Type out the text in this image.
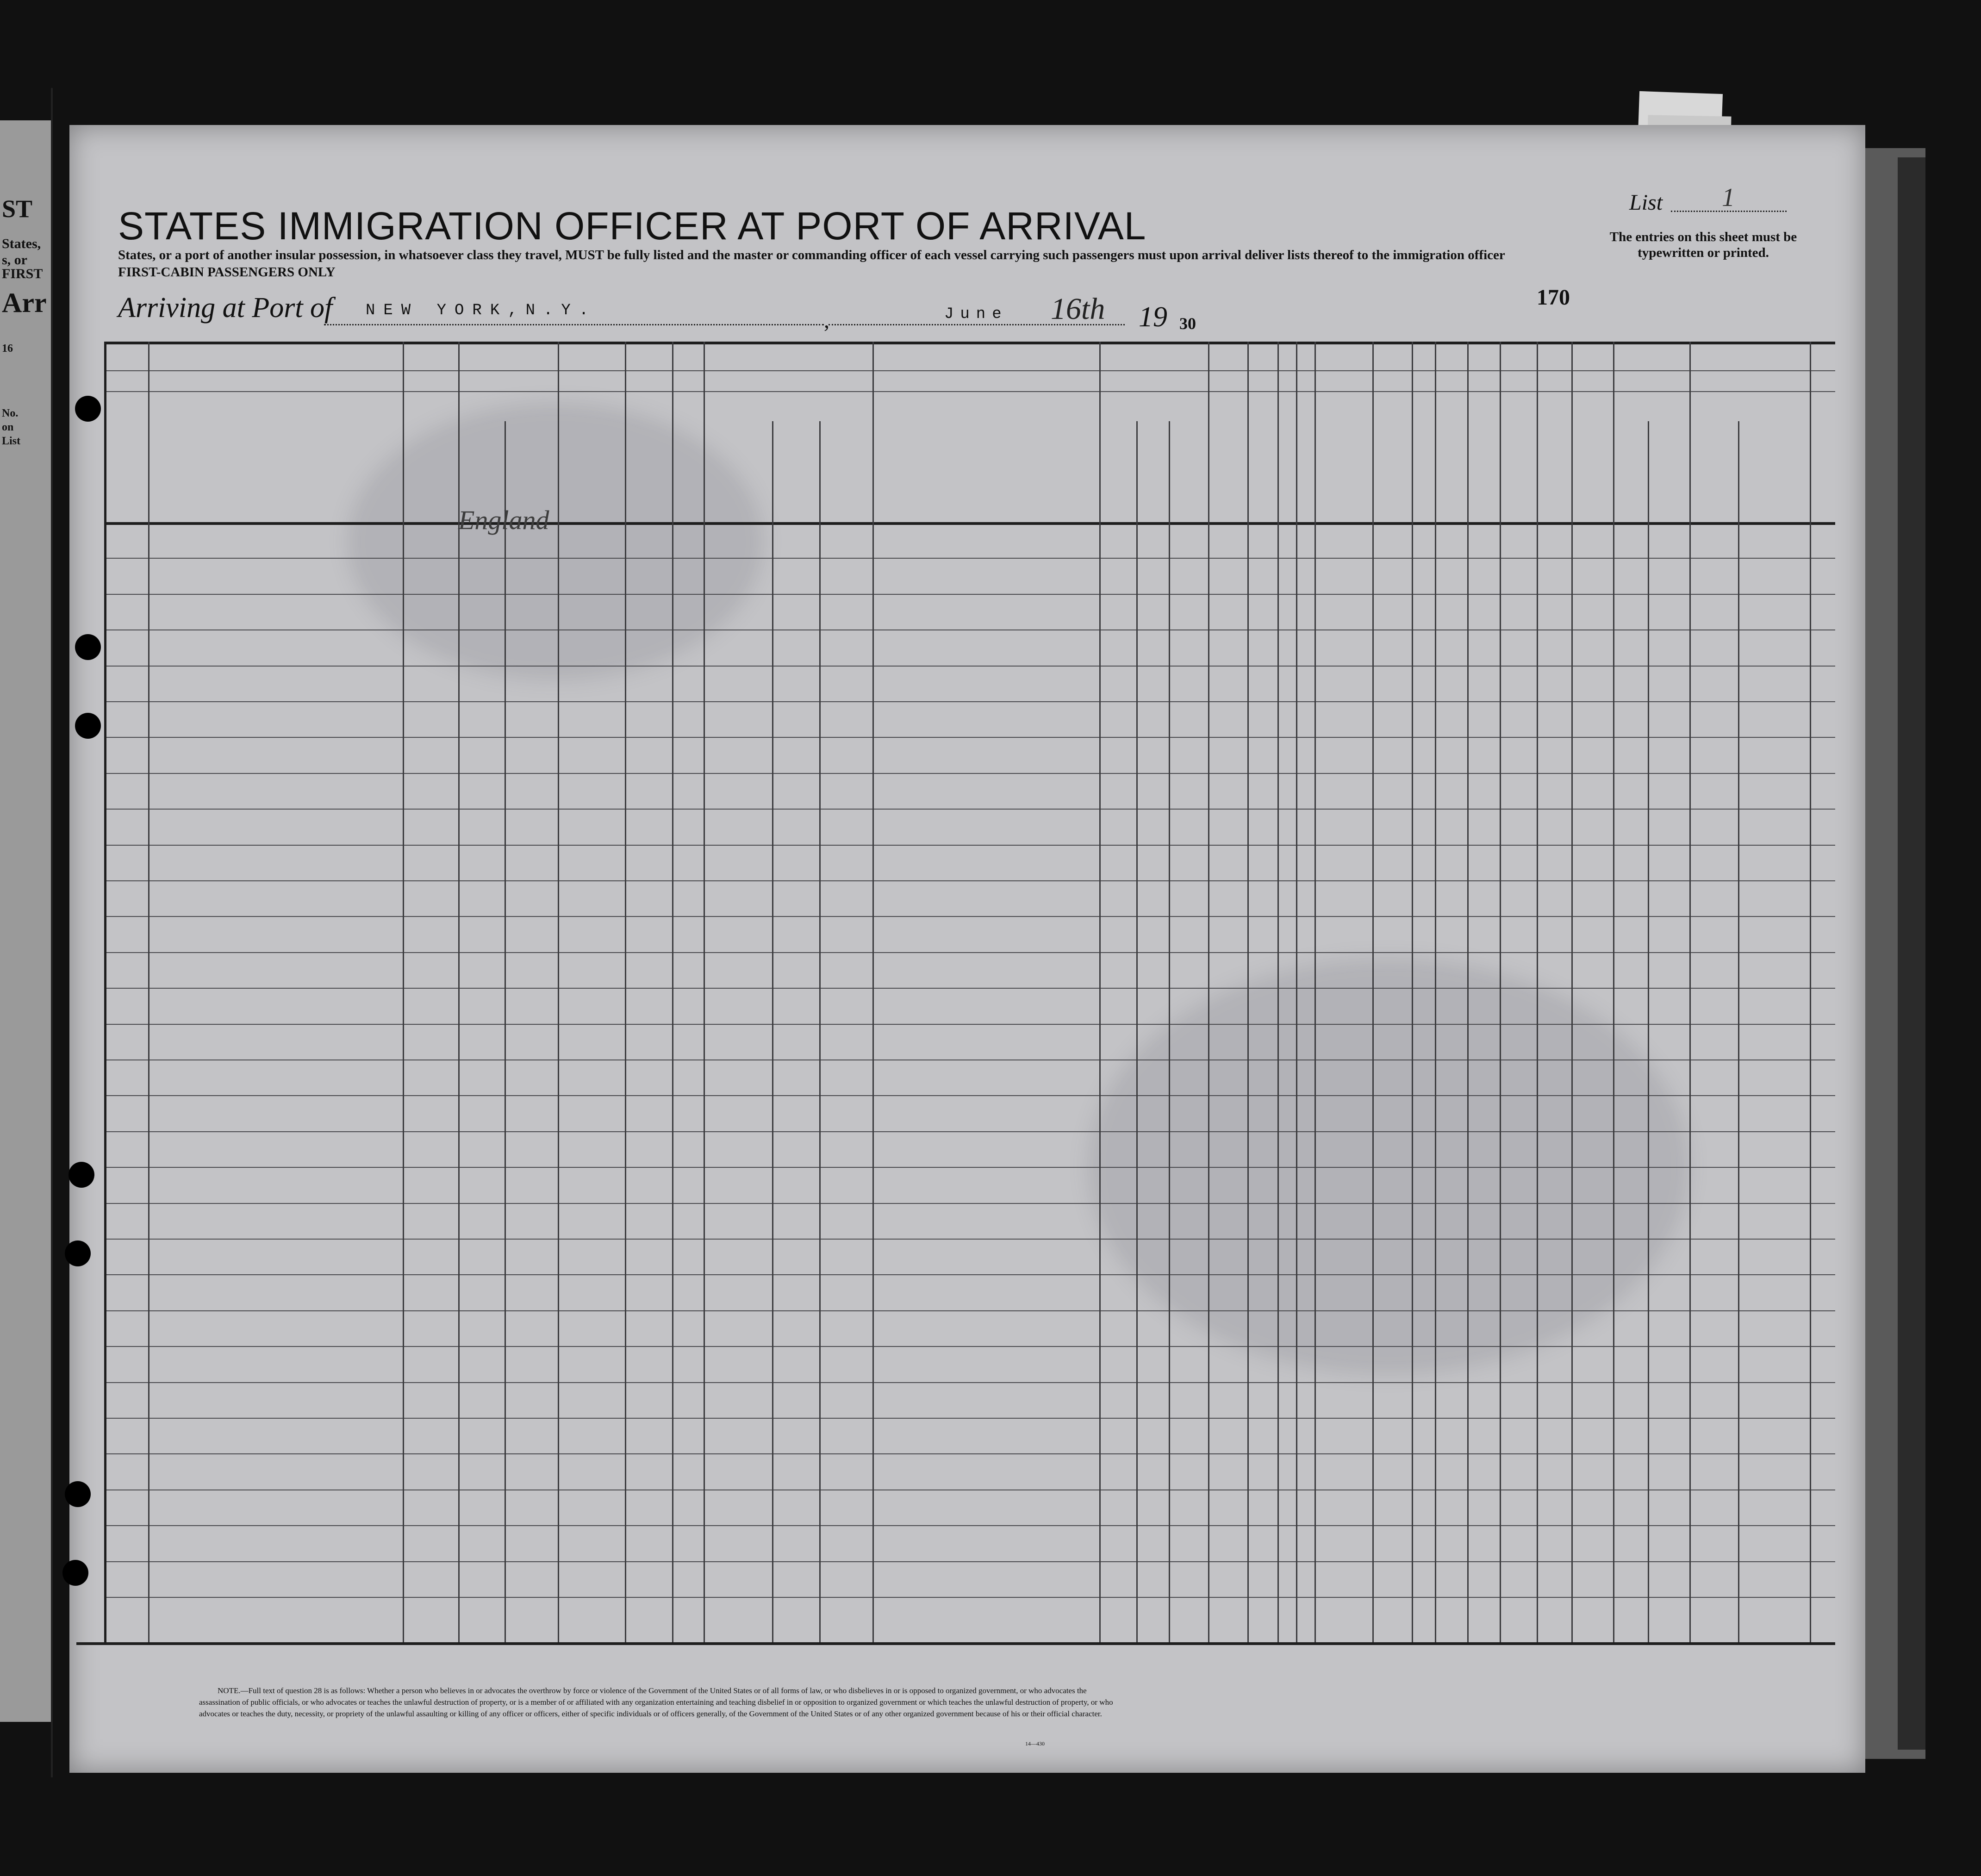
ST
States,
s, or
FIRST
Arr
16
No.
on
List
STATES IMMIGRATION OFFICER AT PORT OF ARRIVAL
States, or a port of another insular possession, in whatsoever class they travel, MUST be fully listed and the master or commanding officer of each vessel carrying such passengers must upon arrival deliver lists thereof to the immigration officer
FIRST-CABIN PASSENGERS ONLY
List 1
The entries on this sheet must be typewritten or printed.
170
Arriving at Port of NEW YORK,N.Y.	,	June 16th 19 30
England
NOTE.—Full text of question 28 is as follows: Whether a person who believes in or advocates the overthrow by force or violence of the Government of the United States or of all forms of law, or who disbelieves in or is opposed to organized government, or who advocates the assassination of public officials, or who advocates or teaches the unlawful destruction of property, or is a member of or affiliated with any organization entertaining and teaching disbelief in or opposition to organized government or which teaches the unlawful destruction of property, or who advocates or teaches the duty, necessity, or propriety of the unlawful assaulting or killing of any officer or officers, either of specific individuals or of officers generally, of the Government of the United States or of any other organized government because of his or their official character.
14—430
